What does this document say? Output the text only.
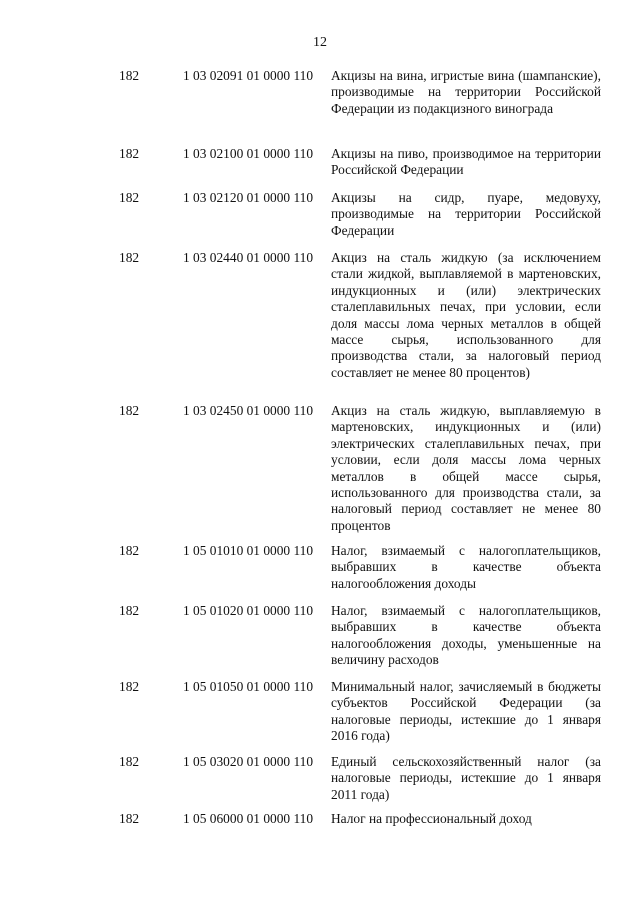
12
182	1 03 02091 01 0000 110	Акцизы на вина, игристые вина (шампанские), производимые на территории Российской Федерации из подакцизного винограда
182	1 03 02100 01 0000 110	Акцизы на пиво, производимое на территории Российской Федерации
182	1 03 02120 01 0000 110	Акцизы на сидр, пуаре, медовуху, производимые на территории Российской Федерации
182	1 03 02440 01 0000 110	Акциз на сталь жидкую (за исключением стали жидкой, выплавляемой в мартеновских, индукционных и (или) электрических сталеплавильных печах, при условии, если доля массы лома черных металлов в общей массе сырья, использованного для производства стали, за налоговый период составляет не менее 80 процентов)
182	1 03 02450 01 0000 110	Акциз на сталь жидкую, выплавляемую в мартеновских, индукционных и (или) электрических сталеплавильных печах, при условии, если доля массы лома черных металлов в общей массе сырья, использованного для производства стали, за налоговый период составляет не менее 80 процентов
182	1 05 01010 01 0000 110	Налог, взимаемый с налогоплательщиков, выбравших в качестве объекта налогообложения доходы
182	1 05 01020 01 0000 110	Налог, взимаемый с налогоплательщиков, выбравших в качестве объекта налогообложения доходы, уменьшенные на величину расходов
182	1 05 01050 01 0000 110	Минимальный налог, зачисляемый в бюджеты субъектов Российской Федерации (за налоговые периоды, истекшие до 1 января 2016 года)
182	1 05 03020 01 0000 110	Единый сельскохозяйственный налог (за налоговые периоды, истекшие до 1 января 2011 года)
182	1 05 06000 01 0000 110	Налог на профессиональный доход
